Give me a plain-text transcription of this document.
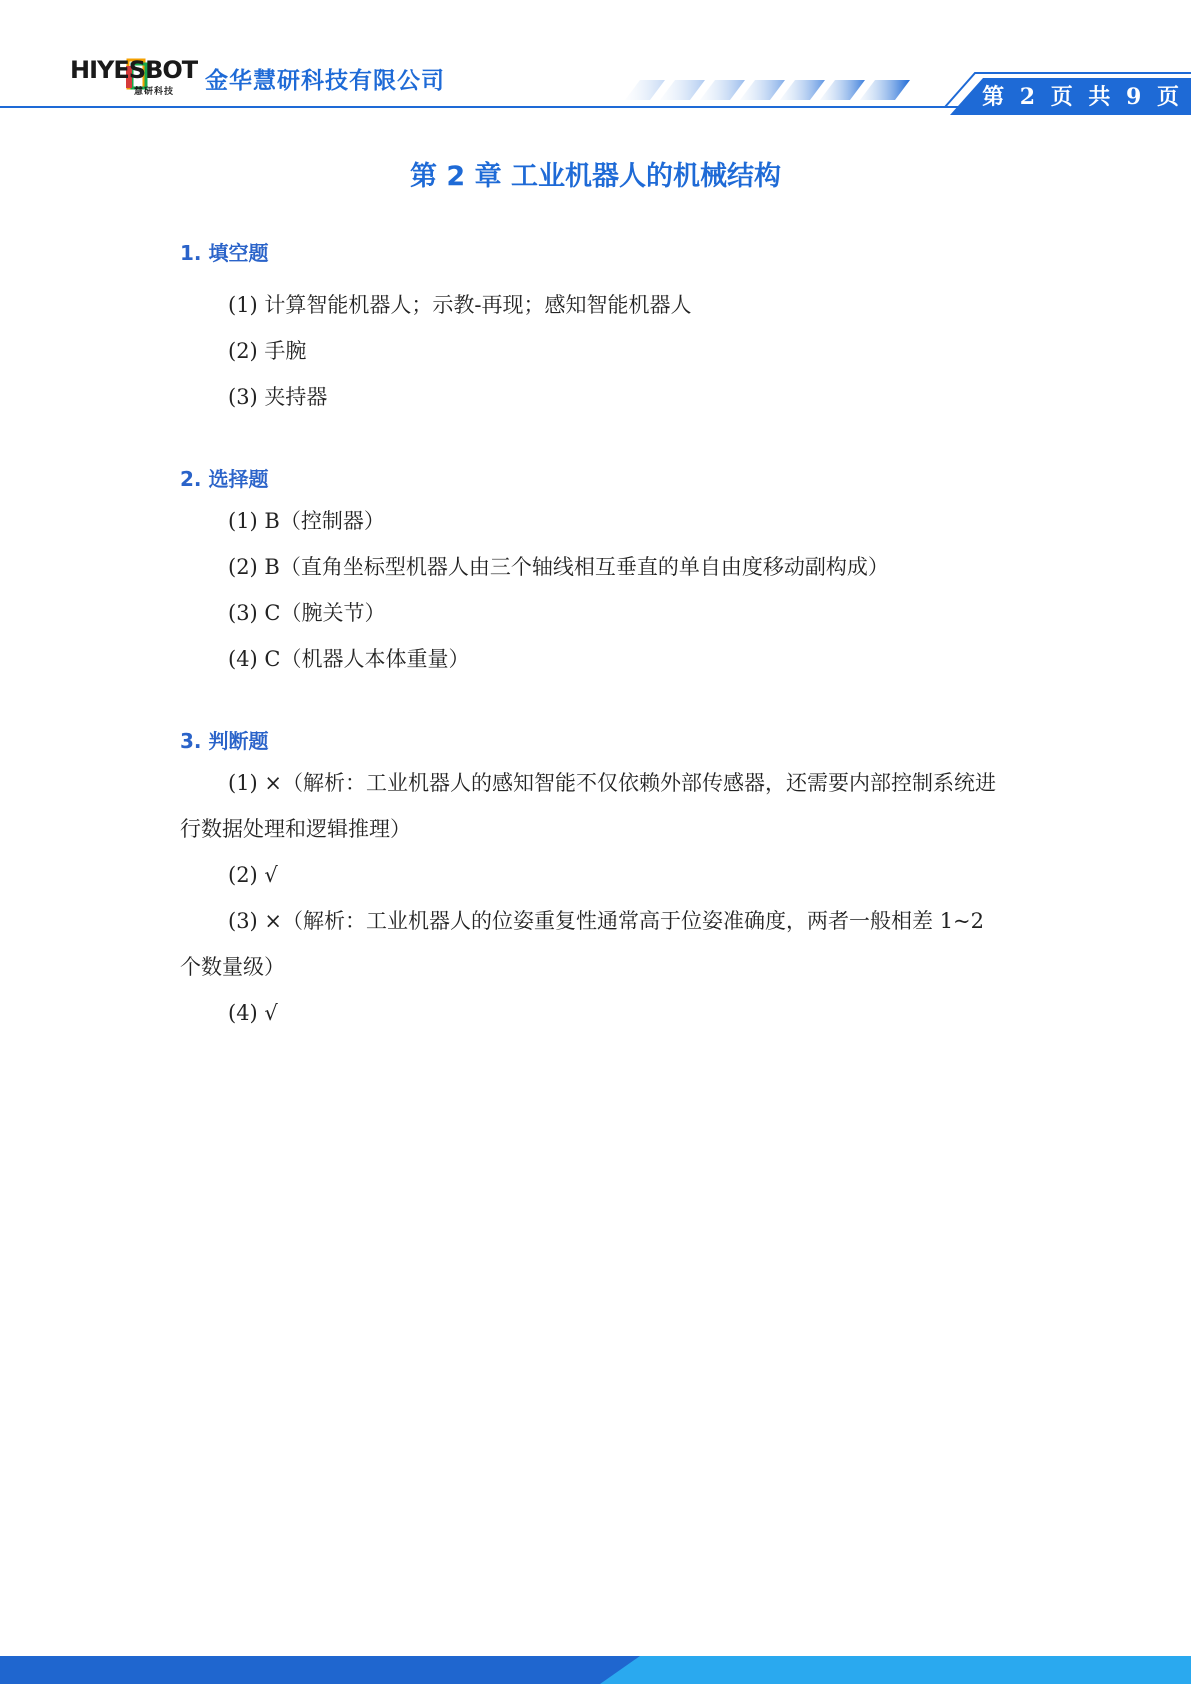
HIYESBOT
慧研科技 金华慧研科技有限公司
第 2 页 共 9 页
第 2 章 工业机器人的机械结构
1. 填空题
(1) 计算智能机器人；示教-再现；感知智能机器人
(2) 手腕
(3) 夹持器
2. 选择题
(1) B（控制器）
(2) B（直角坐标型机器人由三个轴线相互垂直的单自由度移动副构成）
(3) C（腕关节）
(4) C（机器人本体重量）
3. 判断题
(1) ×（解析：工业机器人的感知智能不仅依赖外部传感器，还需要内部控制系统进行数据处理和逻辑推理）
(2) √
(3) ×（解析：工业机器人的位姿重复性通常高于位姿准确度，两者一般相差 1~2 个数量级）
(4) √
